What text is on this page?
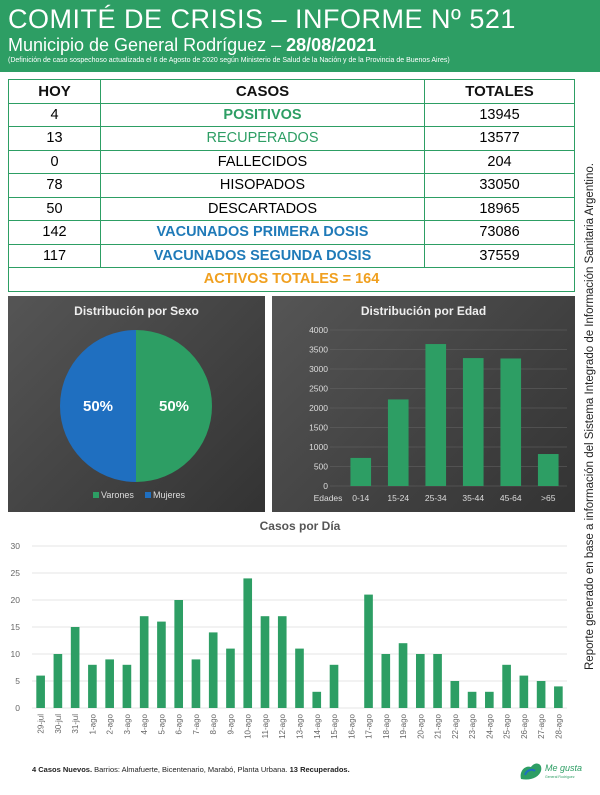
COMITÉ DE CRISIS – INFORME Nº 521
Municipio de General Rodríguez – 28/08/2021
(Definición de caso sospechoso actualizada el 6 de Agosto de 2020 según Ministerio de Salud de la Nación y de la Provincia de Buenos Aires)
HOY	CASOS	TOTALES
4	POSITIVOS	13945
13	RECUPERADOS	13577
0	FALLECIDOS	204
78	HISOPADOS	33050
50	DESCARTADOS	18965
142	VACUNADOS PRIMERA DOSIS	73086
117	VACUNADOS SEGUNDA DOSIS	37559
ACTIVOS TOTALES = 164		
Distribución por Sexo
50%
50%
Varones Mujeres
Distribución por Edad
0
500
1000
1500
2000
2500
3000
3500
4000
Edades 0-14 15-24 25-34 35-44 45-64 >65
Casos por Día
0
5
10
15
20
25
30
29-jul 30-jul 31-jul 1-ago 2-ago 3-ago 4-ago 5-ago 6-ago 7-ago 8-ago 9-ago 10-ago 11-ago 12-ago 13-ago 14-ago 15-ago 16-ago 17-ago 18-ago 19-ago 20-ago 21-ago 22-ago 23-ago 24-ago 25-ago 26-ago 27-ago 28-ago
Reporte generado en base a información del Sistema Integrado de Información Sanitaria Argentino.
4 Casos Nuevos. Barrios: Almafuerte, Bicentenario, Marabó, Planta Urbana. 13 Recuperados.	Me gusta
General Rodríguez
